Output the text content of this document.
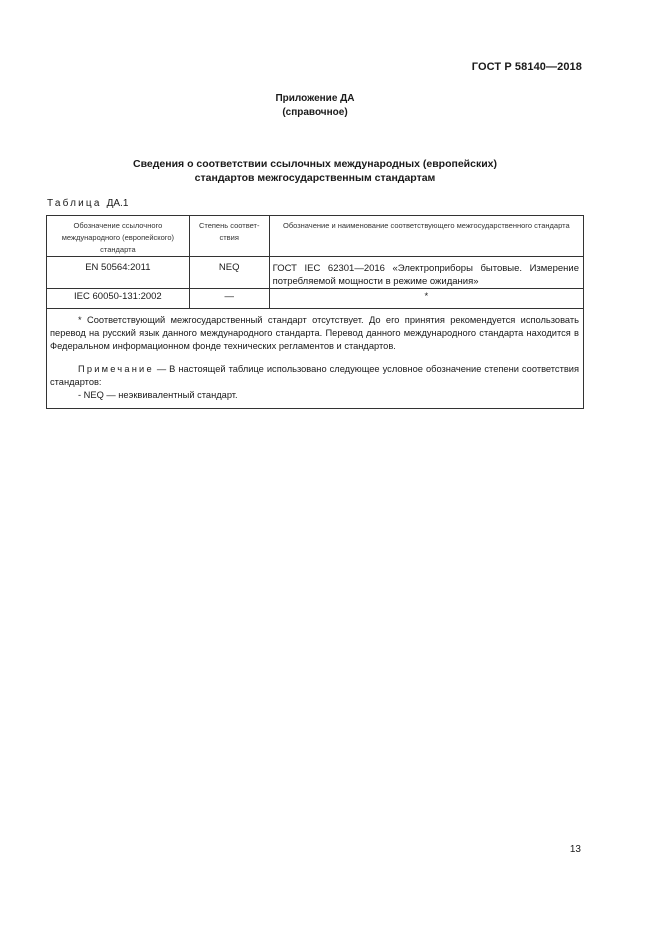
ГОСТ Р 58140—2018
Приложение ДА
(справочное)
Сведения о соответствии ссылочных международных (европейских)
стандартов межгосударственным стандартам
Таблица ДА.1
Обозначение ссылочного международного (европейского) стандарта	Степень соответ-ствия	Обозначение и наименование соответствующего межгосударственного стандарта
EN 50564:2011	NEQ	ГОСТ IEC 62301—2016 «Электроприборы бытовые. Измерение потребляемой мощности в режиме ожидания»

IEC 60050-131:2002	—	*

* Соответствующий межгосударственный стандарт отсутствует. До его принятия рекомендуется использовать перевод на русский язык данного международного стандарта. Перевод данного международного стандарта находится в Федеральном информационном фонде технических регламентов и стандартов.

Примечание — В настоящей таблице использовано следующее условное обозначение степени соответствия стандартов:

- NEQ — неэквивалентный стандарт.		
13
